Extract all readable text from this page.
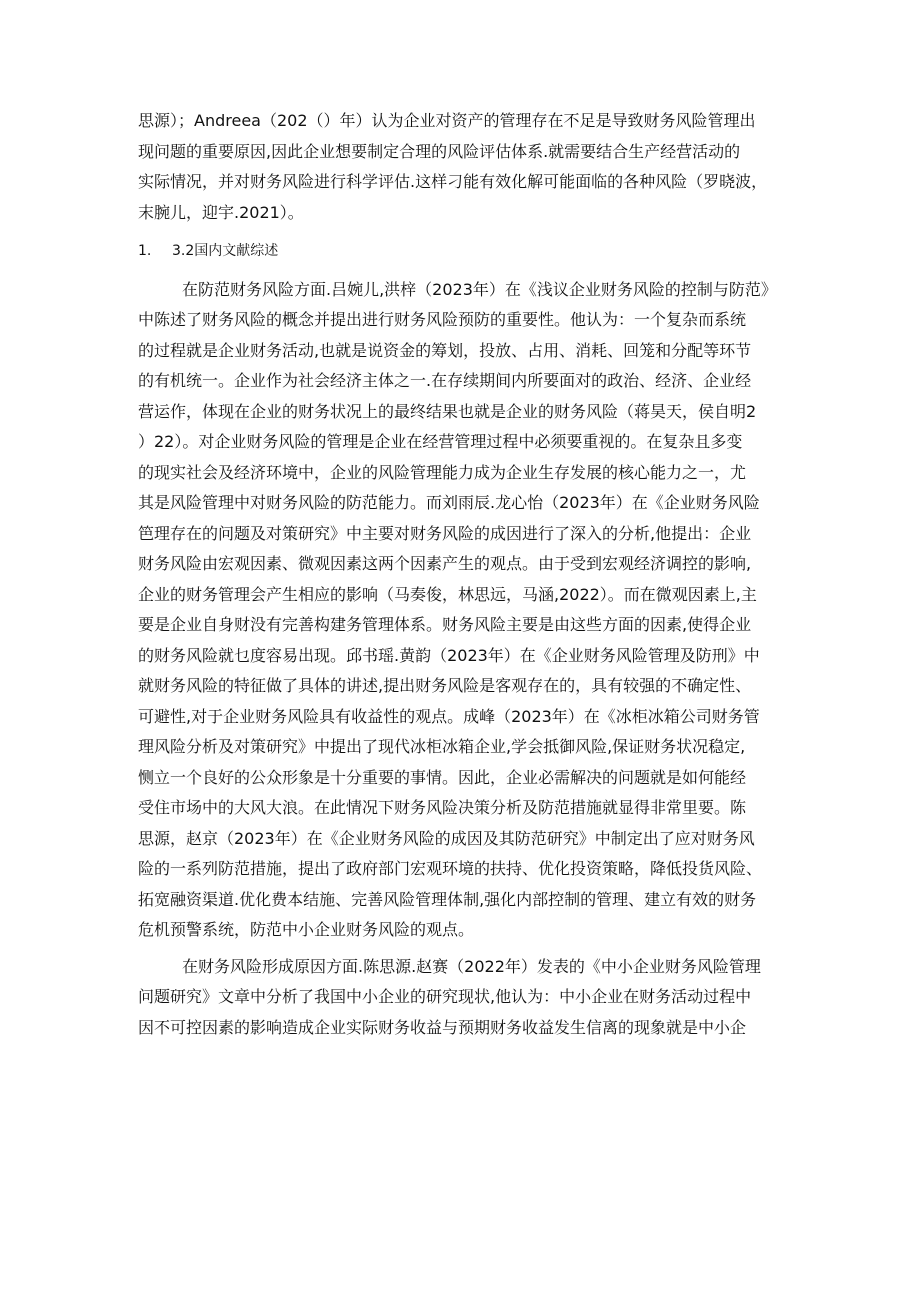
思源）；Andreea（202（）年）认为企业对资产的管理存在不足是导致财务风险管理出
现问题的重要原因,因此企业想要制定合理的风险评估体系.就需要结合生产经营活动的
实际情况，并对财务风险进行科学评估.这样刁能有效化解可能面临的各种风险（罗晓波，
末腕儿，迎宇.2021）。
1. 3.2国内文献综述
在防范财务风险方面.吕婉儿,洪梓（2023年）在《浅议企业财务风险的控制与防范》
中陈述了财务风险的概念并提出进行财务风险预防的重要性。他认为：一个复杂而系统
的过程就是企业财务活动,也就是说资金的筹划，投放、占用、消耗、回笼和分配等环节
的有机统一。企业作为社会经济主体之一.在存续期间内所要面对的政治、经济、企业经
营运作，体现在企业的财务状况上的最终结果也就是企业的财务风险（蒋昊天，侯自明2
）22）。对企业财务风险的管理是企业在经营管理过程中必须要重视的。在复杂且多变
的现实社会及经济环境中，企业的风险管理能力成为企业生存发展的核心能力之一，尤
其是风险管理中对财务风险的防范能力。而刘雨辰.龙心怡（2023年）在《企业财务风险
笆理存在的问题及对策研究》中主要对财务风险的成因进行了深入的分析,他提出：企业
财务风险由宏观因素、微观因素这两个因素产生的观点。由于受到宏观经济调控的影响,
企业的财务管理会产生相应的影响（马奏俊，林思远，马涵,2022）。而在微观因素上,主
要是企业自身财没有完善构建务管理体系。财务风险主要是由这些方面的因素,使得企业
的财务风险就乜度容易出现。邱书瑶.黄韵（2023年）在《企业财务风险管理及防刑》中
就财务风险的特征做了具体的讲述,提出财务风险是客观存在的，具有较强的不确定性、
可避性,对于企业财务风险具有收益性的观点。成峰（2023年）在《冰柜冰箱公司财务管
理风险分析及对策研究》中提出了现代冰柜冰箱企业,学会抵御风险,保证财务状况稳定,
恻立一个良好的公众形象是十分重要的事情。因此，企业必需解决的问题就是如何能经
受住市场中的大风大浪。在此情况下财务风险决策分析及防范措施就显得非常里要。陈
思源，赵京（2023年）在《企业财务风险的成因及其防范研究》中制定出了应对财务风
险的一系列防范措施，提出了政府部门宏观环境的扶持、优化投资策略，降低投货风险、
拓宽融资渠道.优化费本结施、完善风险管理体制,强化内部控制的管理、建立有效的财务
危机预警系统，防范中小企业财务风险的观点。
在财务风险形成原因方面.陈思源.赵赛（2022年）发表的《中小企业财务风险管理
问题研究》文章中分析了我国中小企业的研究现状,他认为：中小企业在财务活动过程中
因不可控因素的影响造成企业实际财务收益与预期财务收益发生信离的现象就是中小企
